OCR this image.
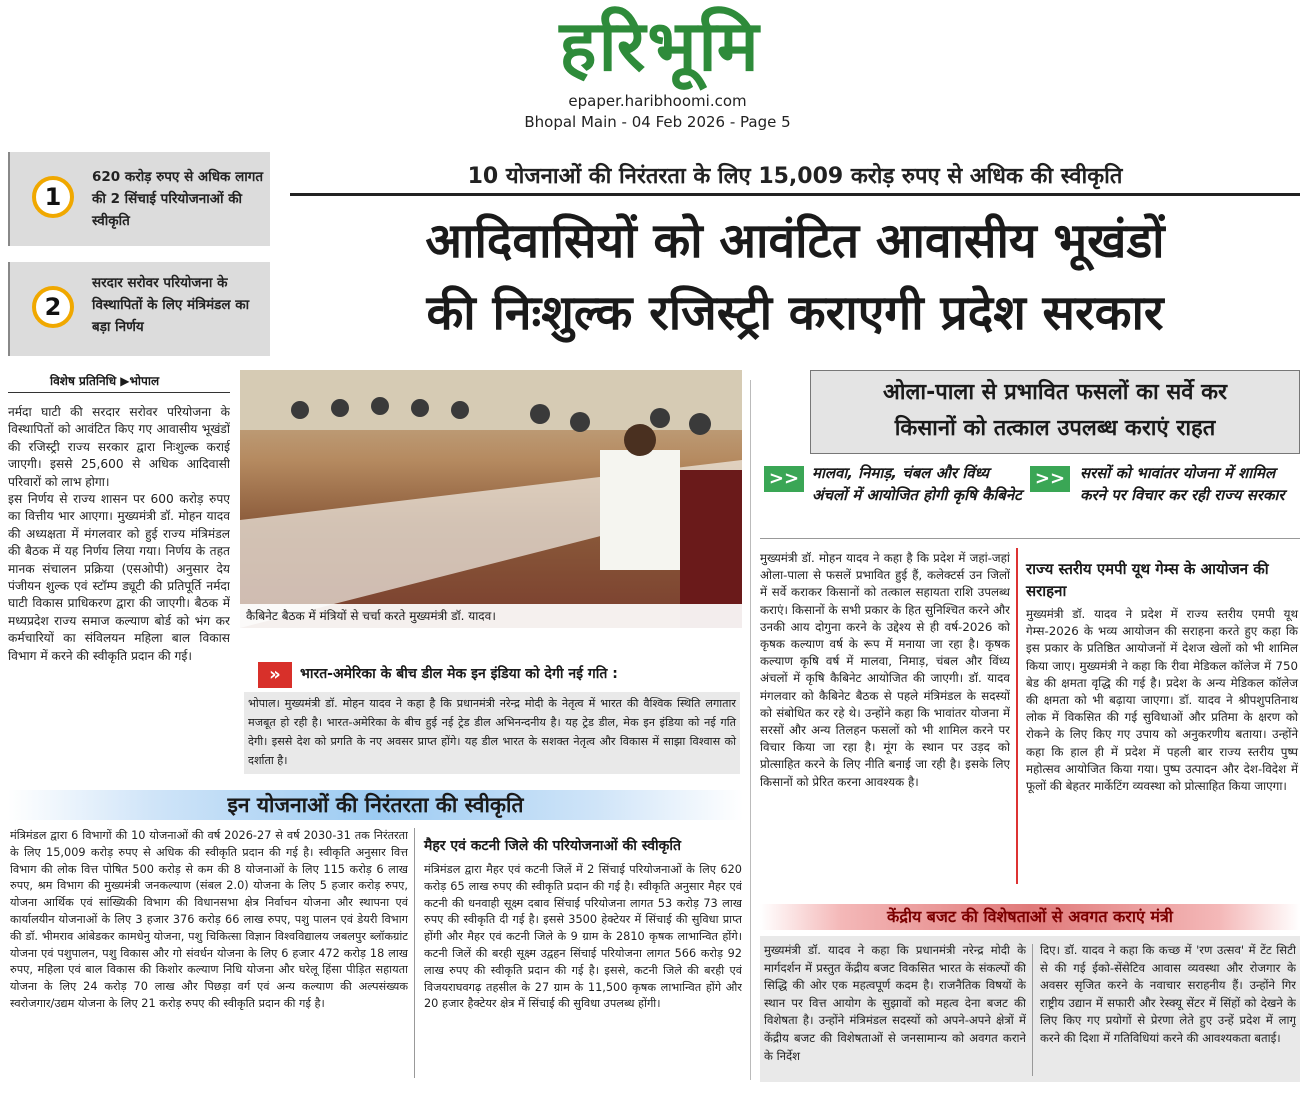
हरिभूमि
epaper.haribhoomi.com
Bhopal Main - 04 Feb 2026 - Page 5
1
620 करोड़ रुपए से अधिक लागत की 2 सिंचाई परियोजनाओं की स्वीकृति
2
सरदार सरोवर परियोजना के विस्थापितों के लिए मंत्रिमंडल का बड़ा निर्णय
10 योजनाओं की निरंतरता के लिए 15,009 करोड़ रुपए से अधिक की स्वीकृति
आदिवासियों को आवंटित आवासीय भूखंडों
की निःशुल्क रजिस्ट्री कराएगी प्रदेश सरकार
विशेष प्रतिनिधि ▶भोपाल
नर्मदा घाटी की सरदार सरोवर परियोजना के विस्थापितों को आवंटित किए गए आवासीय भूखंडों की रजिस्ट्री राज्य सरकार द्वारा निःशुल्क कराई जाएगी। इससे 25,600 से अधिक आदिवासी परिवारों को लाभ होगा।
इस निर्णय से राज्य शासन पर 600 करोड़ रुपए का वित्तीय भार आएगा। मुख्यमंत्री डॉ. मोहन यादव की अध्यक्षता में मंगलवार को हुई राज्य मंत्रिमंडल की बैठक में यह निर्णय लिया गया। निर्णय के तहत मानक संचालन प्रक्रिया (एसओपी) अनुसार देय पंजीयन शुल्क एवं स्टॉम्प ड्यूटी की प्रतिपूर्ति नर्मदा घाटी विकास प्राधिकरण द्वारा की जाएगी। बैठक में मध्यप्रदेश राज्य समाज कल्याण बोर्ड को भंग कर कर्मचारियों का संविलयन महिला बाल विकास विभाग में करने की स्वीकृति प्रदान की गई।
कैबिनेट बैठक में मंत्रियों से चर्चा करते मुख्यमंत्री डॉ. यादव।
»	भारत-अमेरिका के बीच डील मेक इन इंडिया को देगी नई गति :
भोपाल। मुख्यमंत्री डॉ. मोहन यादव ने कहा है कि प्रधानमंत्री नरेन्द्र मोदी के नेतृत्व में भारत की वैश्विक स्थिति लगातार मजबूत हो रही है। भारत-अमेरिका के बीच हुई नई ट्रेड डील अभिनन्दनीय है। यह ट्रेड डील, मेक इन इंडिया को नई गति देगी। इससे देश को प्रगति के नए अवसर प्राप्त होंगे। यह डील भारत के सशक्त नेतृत्व और विकास में साझा विश्वास को दर्शाता है।
इन योजनाओं की निरंतरता की स्वीकृति
मंत्रिमंडल द्वारा 6 विभागों की 10 योजनाओं की वर्ष 2026-27 से वर्ष 2030-31 तक निरंतरता के लिए 15,009 करोड़ रुपए से अधिक की स्वीकृति प्रदान की गई है। स्वीकृति अनुसार वित्त विभाग की लोक वित्त पोषित 500 करोड़ से कम की 8 योजनाओं के लिए 115 करोड़ 6 लाख रुपए, श्रम विभाग की मुख्यमंत्री जनकल्याण (संबल 2.0) योजना के लिए 5 हजार करोड़ रुपए, योजना आर्थिक एवं सांख्यिकी विभाग की विधानसभा क्षेत्र निर्वाचन योजना और स्थापना एवं कार्यालयीन योजनाओं के लिए 3 हजार 376 करोड़ 66 लाख रुपए, पशु पालन एवं डेयरी विभाग की डॉ. भीमराव आंबेडकर कामधेनु योजना, पशु चिकित्सा विज्ञान विश्वविद्यालय जबलपुर ब्लॉकग्रांट योजना एवं पशुपालन, पशु विकास और गो संवर्धन योजना के लिए 6 हजार 472 करोड़ 18 लाख रुपए, महिला एवं बाल विकास की किशोर कल्याण निधि योजना और घरेलू हिंसा पीड़ित सहायता योजना के लिए 24 करोड़ 70 लाख और पिछड़ा वर्ग एवं अन्य कल्याण की अल्पसंख्यक स्वरोजगार/उद्यम योजना के लिए 21 करोड़ रुपए की स्वीकृति प्रदान की गई है।
मैहर एवं कटनी जिले की परियोजनाओं की स्वीकृति
मंत्रिमंडल द्वारा मैहर एवं कटनी जिलें में 2 सिंचाई परियोजनाओं के लिए 620 करोड़ 65 लाख रुपए की स्वीकृति प्रदान की गई है। स्वीकृति अनुसार मैहर एवं कटनी की धनवाही सूक्ष्म दबाव सिंचाई परियोजना लागत 53 करोड़ 73 लाख रुपए की स्वीकृति दी गई है। इससे 3500 हेक्टेयर में सिंचाई की सुविधा प्राप्त होंगी और मैहर एवं कटनी जिले के 9 ग्राम के 2810 कृषक लाभान्वित होंगे। कटनी जिलें की बरही सूक्ष्म उद्वहन सिंचाई परियोजना लागत 566 करोड़ 92 लाख रुपए की स्वीकृति प्रदान की गई है। इससे, कटनी जिले की बरही एवं विजयराघवगढ़ तहसील के 27 ग्राम के 11,500 कृषक लाभान्वित होंगे और 20 हजार हैक्टेयर क्षेत्र में सिंचाई की सुविधा उपलब्ध होंगी।
ओला-पाला से प्रभावित फसलों का सर्वे कर
किसानों को तत्काल उपलब्ध कराएं राहत
>> मालवा, निमाड़, चंबल और विंध्य अंचलों में आयोजित होगी कृषि कैबिनेट
>> सरसों को भावांतर योजना में शामिल करने पर विचार कर रही राज्य सरकार
मुख्यमंत्री डॉ. मोहन यादव ने कहा है कि प्रदेश में जहां-जहां ओला-पाला से फसलें प्रभावित हुई हैं, कलेक्टर्स उन जिलों में सर्वे कराकर किसानों को तत्काल सहायता राशि उपलब्ध कराएं। किसानों के सभी प्रकार के हित सुनिश्चित करने और उनकी आय दोगुना करने के उद्देश्य से ही वर्ष-2026 को कृषक कल्याण वर्ष के रूप में मनाया जा रहा है। कृषक कल्याण कृषि वर्ष में मालवा, निमाड़, चंबल और विंध्य अंचलों में कृषि कैबिनेट आयोजित की जाएगी। डॉ. यादव मंगलवार को कैबिनेट बैठक से पहले मंत्रिमंडल के सदस्यों को संबोधित कर रहे थे। उन्होंने कहा कि भावांतर योजना में सरसों और अन्य तिलहन फसलों को भी शामिल करने पर विचार किया जा रहा है। मूंग के स्थान पर उड़द को प्रोत्साहित करने के लिए नीति बनाई जा रही है। इसके लिए किसानों को प्रेरित करना आवश्यक है।
राज्य स्तरीय एमपी यूथ गेम्स के आयोजन की सराहना
मुख्यमंत्री डॉ. यादव ने प्रदेश में राज्य स्तरीय एमपी यूथ गेम्स-2026 के भव्य आयोजन की सराहना करते हुए कहा कि इस प्रकार के प्रतिष्ठित आयोजनों में देशज खेलों को भी शामिल किया जाए। मुख्यमंत्री ने कहा कि रीवा मेडिकल कॉलेज में 750 बेड की क्षमता वृद्धि की गई है। प्रदेश के अन्य मेडिकल कॉलेज की क्षमता को भी बढ़ाया जाएगा। डॉ. यादव ने श्रीपशुपतिनाथ लोक में विकसित की गई सुविधाओं और प्रतिमा के क्षरण को रोकने के लिए किए गए उपाय को अनुकरणीय बताया। उन्होंने कहा कि हाल ही में प्रदेश में पहली बार राज्य स्तरीय पुष्प महोत्सव आयोजित किया गया। पुष्प उत्पादन और देश-विदेश में फूलों की बेहतर मार्केटिंग व्यवस्था को प्रोत्साहित किया जाएगा।
केंद्रीय बजट की विशेषताओं से अवगत कराएं मंत्री
मुख्यमंत्री डॉ. यादव ने कहा कि प्रधानमंत्री नरेन्द्र मोदी के मार्गदर्शन में प्रस्तुत केंद्रीय बजट विकसित भारत के संकल्पों की सिद्धि की ओर एक महत्वपूर्ण कदम है। राजनैतिक विषयों के स्थान पर वित्त आयोग के सुझावों को महत्व देना बजट की विशेषता है। उन्होंने मंत्रिमंडल सदस्यों को अपने-अपने क्षेत्रों में केंद्रीय बजट की विशेषताओं से जनसामान्य को अवगत कराने के निर्देश
दिए। डॉ. यादव ने कहा कि कच्छ में 'रण उत्सव' में टेंट सिटी से की गई ईको-सेंसेटिव आवास व्यवस्था और रोजगार के अवसर सृजित करने के नवाचार सराहनीय हैं। उन्होंने गिर राष्ट्रीय उद्यान में सफारी और रेस्क्यू सेंटर में सिंहों को देखने के लिए किए गए प्रयोगों से प्रेरणा लेते हुए उन्हें प्रदेश में लागू करने की दिशा में गतिविधियां करने की आवश्यकता बताई।
